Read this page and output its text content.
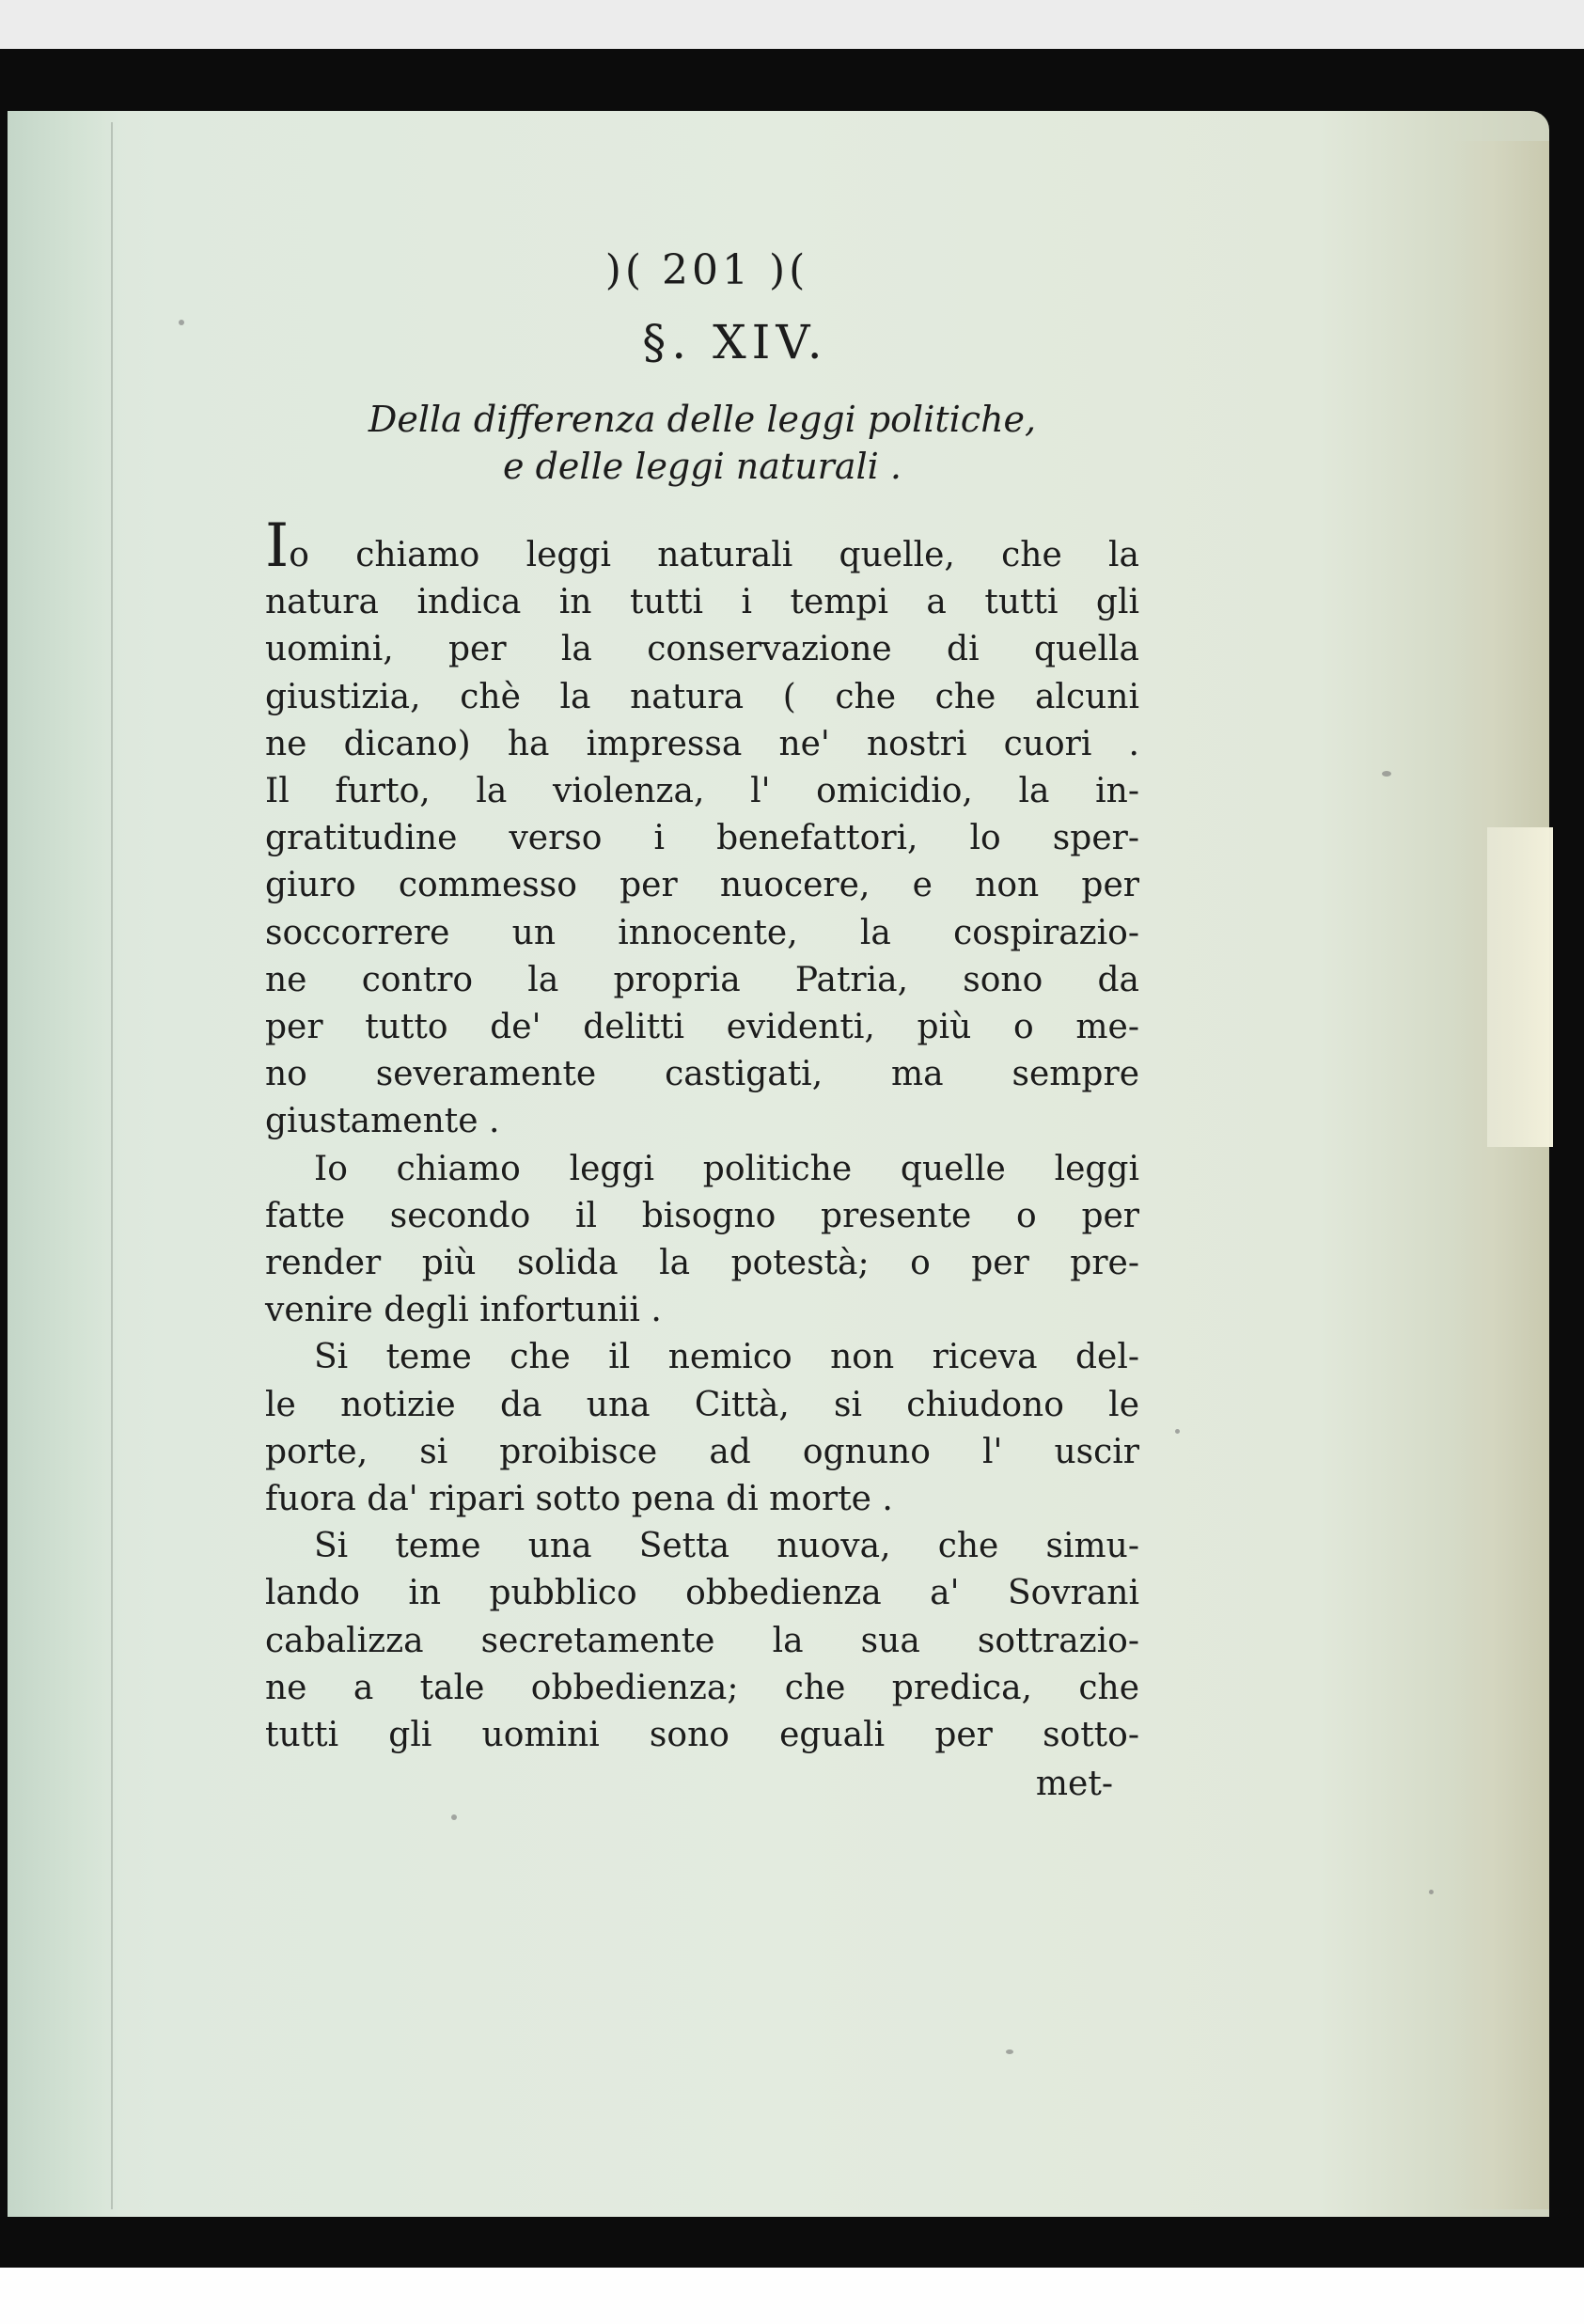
)( 201 )(
§. XIV.
Della differenza delle leggi politiche,
e delle leggi naturali .

Io chiamo leggi naturali quelle, che la
natura indica in tutti i tempi a tutti gli
uomini, per la conservazione di quella
giustizia, chè la natura ( che che alcuni
ne dicano) ha impressa ne' nostri cuori .
Il furto, la violenza, l' omicidio, la in-
gratitudine verso i benefattori, lo sper-
giuro commesso per nuocere, e non per
soccorrere un innocente, la cospirazio-
ne contro la propria Patria, sono da
per tutto de' delitti evidenti, più o me-
no severamente castigati, ma sempre
giustamente .

Io chiamo leggi politiche quelle leggi
fatte secondo il bisogno presente o per
render più solida la potestà; o per pre-
venire degli infortunii .

Si teme che il nemico non riceva del-
le notizie da una Città, si chiudono le
porte, si proibisce ad ognuno l' uscir
fuora da' ripari sotto pena di morte .

Si teme una Setta nuova, che simu-
lando in pubblico obbedienza a' Sovrani
cabalizza secretamente la sua sottrazio-
ne a tale obbedienza; che predica, che
tutti gli uomini sono eguali per sotto-

met-
